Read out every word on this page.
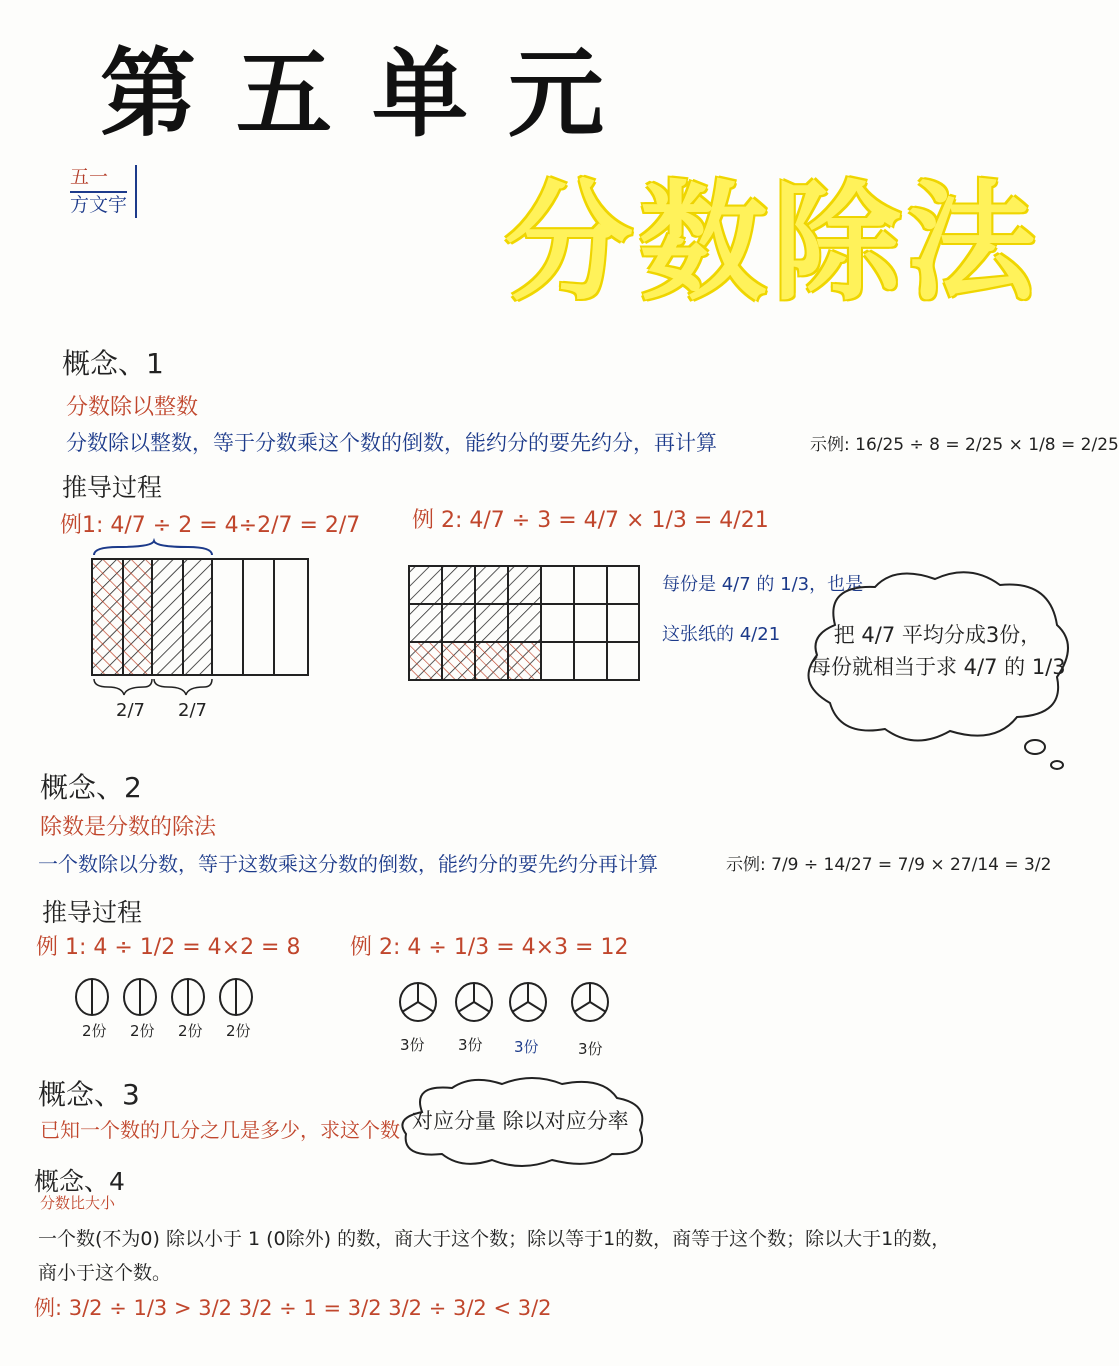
第五单元
分数除法
五一
方文宇
概念、1
分数除以整数
分数除以整数，等于分数乘这个数的倒数，能约分的要先约分，再计算	示例: 16/25 ÷ 8 = 2/25 × 1/8 = 2/25
推导过程
例1: 4/7 ÷ 2 = 4÷2/7 = 2/7 例 2: 4/7 ÷ 3 = 4/7 × 1/3 = 4/21
2/7 2/7
每份是 4/7 的 1/3，也是
这张纸的 4/21	把 4/7 平均分成3份，
每份就相当于求 4/7 的 1/3
概念、2
除数是分数的除法
一个数除以分数，等于这数乘这分数的倒数，能约分的要先约分再计算	示例: 7/9 ÷ 14/27 = 7/9 × 27/14 = 3/2
推导过程
例 1: 4 ÷ 1/2 = 4×2 = 8 例 2: 4 ÷ 1/3 = 4×3 = 12
2份 2份 2份 2份
3份 3份 3份	3份
概念、3
已知一个数的几分之几是多少，求这个数 对应分量 除以对应分率
概念、4
分数比大小
一个数(不为0) 除以小于 1 (0除外) 的数，商大于这个数；除以等于1的数，商等于这个数；除以大于1的数，
商小于这个数。
例: 3/2 ÷ 1/3 > 3/2 3/2 ÷ 1 = 3/2 3/2 ÷ 3/2 < 3/2
